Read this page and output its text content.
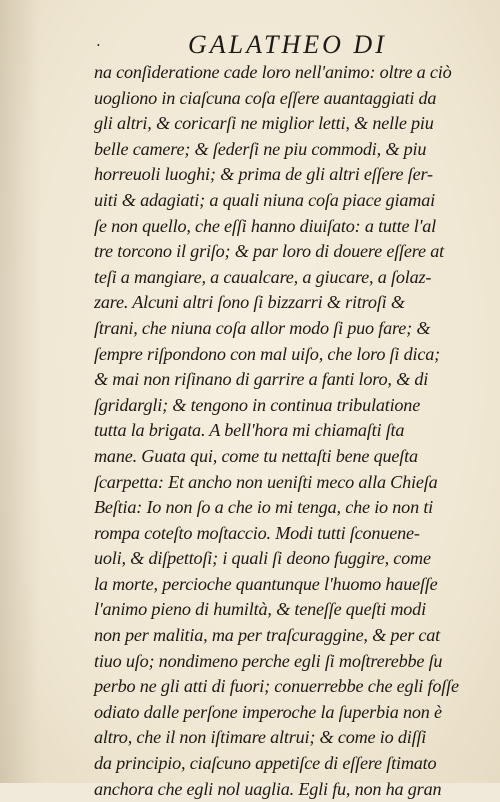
·	GALATHEO DI
na conſideratione cade loro nell'animo: oltre a ciò
uogliono in ciaſcuna coſa eſſere auantaggiati da
gli altri, & coricarſi ne miglior letti, & nelle piu
belle camere; & ſederſi ne piu commodi, & piu
horreuoli luoghi; & prima de gli altri eſſere ſer-
uiti & adagiati; a quali niuna coſa piace giamai
ſe non quello, che eſſi hanno diuiſato: a tutte l'al
tre torcono il griſo; & par loro di douere eſſere at
teſi a mangiare, a caualcare, a giucare, a ſolaz-
zare. Alcuni altri ſono ſi bizzarri & ritroſi &
ſtrani, che niuna coſa allor modo ſi puo fare; &
ſempre riſpondono con mal uiſo, che loro ſi dica;
& mai non riſinano di garrire a fanti loro, & di
ſgridargli; & tengono in continua tribulatione
tutta la brigata. A bell'hora mi chiamaſti ſta
mane. Guata qui, come tu nettaſti bene queſta
ſcarpetta: Et ancho non ueniſti meco alla Chieſa
Beſtia: Io non ſo a che io mi tenga, che io non ti
rompa coteſto moſtaccio. Modi tutti ſconuene-
uoli, & diſpettoſi; i quali ſi deono fuggire, come
la morte, percioche quantunque l'huomo haueſſe
l'animo pieno di humiltà, & teneſſe queſti modi
non per malitia, ma per traſcuraggine, & per cat
tiuo uſo; nondimeno perche egli ſi moſtrerebbe ſu
perbo ne gli atti di fuori; conuerrebbe che egli foſſe
odiato dalle perſone imperoche la ſuperbia non è
altro, che il non iſtimare altrui; & come io diſſi
da principio, ciaſcuno appetiſce di eſſere ſtimato
anchora che egli nol uaglia. Egli fu, non ha gran
